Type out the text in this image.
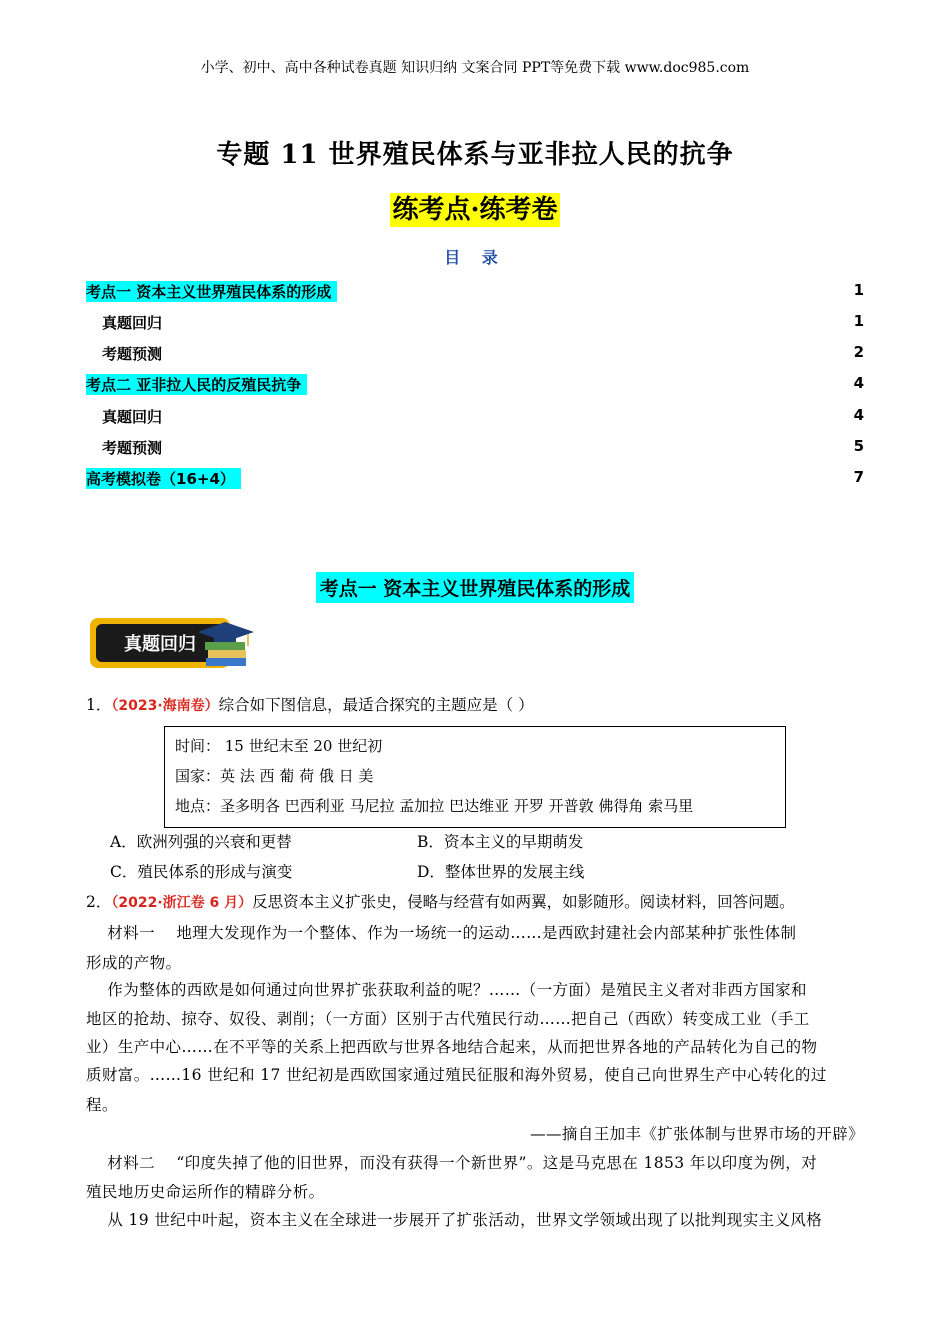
小学、初中、高中各种试卷真题 知识归纳 文案合同 PPT等免费下载 www.doc985.com
专题 11 世界殖民体系与亚非拉人民的抗争
练考点·练考卷
目 录
考点一 资本主义世界殖民体系的形成	1
真题回归	1
考题预测	2
考点二 亚非拉人民的反殖民抗争	4
真题回归	4
考题预测	5
高考模拟卷（16+4）	7
考点一 资本主义世界殖民体系的形成
真题回归
1．（2023·海南卷）综合如下图信息，最适合探究的主题应是（ ）
时间： 15 世纪末至 20 世纪初
国家：英 法 西 葡 荷 俄 日 美
地点：圣多明各 巴西利亚 马尼拉 孟加拉 巴达维亚 开罗 开普敦 佛得角 索马里
A．欧洲列强的兴衰和更替	B．资本主义的早期萌发
C．殖民体系的形成与演变	D．整体世界的发展主线
2．（2022·浙江卷 6 月）反思资本主义扩张史，侵略与经营有如两翼，如影随形。阅读材料，回答问题。
材料一    地理大发现作为一个整体、作为一场统一的运动……是西欧封建社会内部某种扩张性体制
形成的产物。
作为整体的西欧是如何通过向世界扩张获取利益的呢？……（一方面）是殖民主义者对非西方国家和
地区的抢劫、掠夺、奴役、剥削；（一方面）区别于古代殖民行动……把自己（西欧）转变成工业（手工
业）生产中心……在不平等的关系上把西欧与世界各地结合起来，从而把世界各地的产品转化为自己的物
质财富。……16 世纪和 17 世纪初是西欧国家通过殖民征服和海外贸易，使自己向世界生产中心转化的过
程。
——摘自王加丰《扩张体制与世界市场的开辟》
材料二    “印度失掉了他的旧世界，而没有获得一个新世界”。这是马克思在 1853 年以印度为例，对
殖民地历史命运所作的精辟分析。
从 19 世纪中叶起，资本主义在全球进一步展开了扩张活动，世界文学领域出现了以批判现实主义风格
